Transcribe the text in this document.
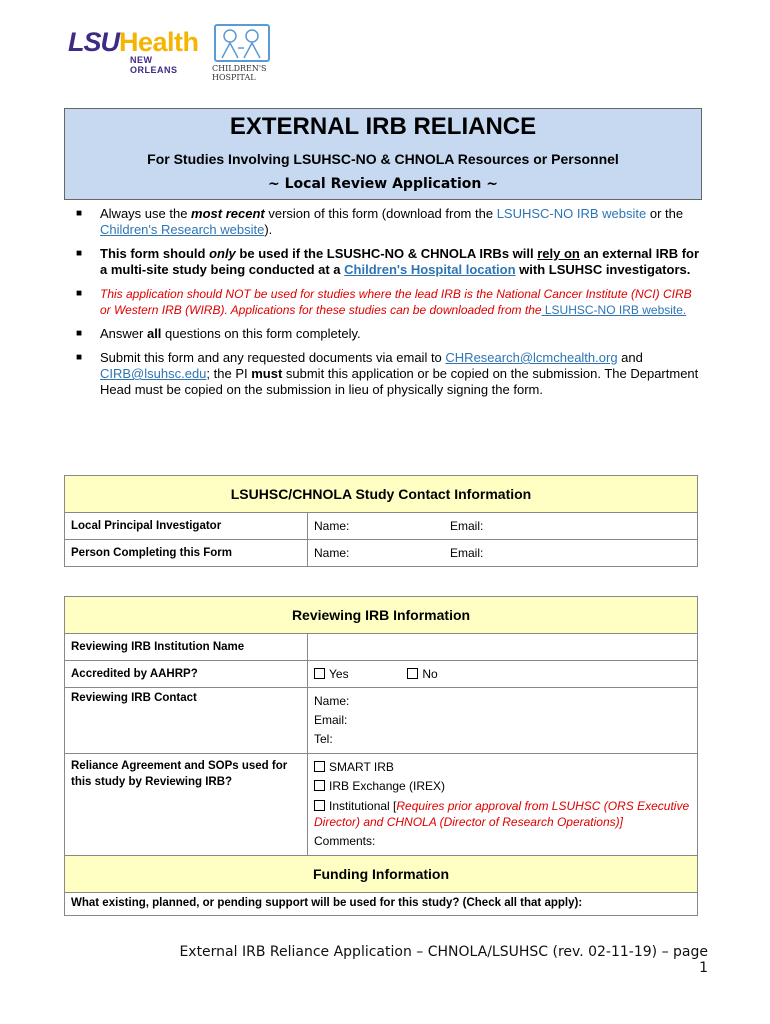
LSUHealth
NEW ORLEANS	CHILDREN'S
HOSPITAL
EXTERNAL IRB RELIANCE
For Studies Involving LSUHSC-NO & CHNOLA Resources or Personnel
~ Local Review Application ~
■ Always use the most recent version of this form (download from the LSUHSC-NO IRB website or the Children's Research website).
■ This form should only be used if the LSUSHC-NO & CHNOLA IRBs will rely on an external IRB for a multi-site study being conducted at a Children's Hospital location with LSUHSC investigators.
■ This application should NOT be used for studies where the lead IRB is the National Cancer Institute (NCI) CIRB or Western IRB (WIRB). Applications for these studies can be downloaded from the LSUHSC-NO IRB website.
■ Answer all questions on this form completely.
■ Submit this form and any requested documents via email to CHResearch@lcmchealth.org and CIRB@lsuhsc.edu; the PI must submit this application or be copied on the submission. The Department Head must be copied on the submission in lieu of physically signing the form.
LSUHSC/CHNOLA Study Contact Information		
Local Principal Investigator	Name:	Email:
Person Completing this Form	Name:	Email:
Reviewing IRB Information	
Reviewing IRB Institution Name	
Accredited by AAHRP?	Yes No
Reviewing IRB Contact	Name:
Email:
Tel:

Reliance Agreement and SOPs used for this study by Reviewing IRB?	SMART IRB
IRB Exchange (IREX)
Institutional [Requires prior approval from LSUHSC (ORS Executive Director) and CHNOLA (Director of Research Operations)]
Comments:

Funding Information	
What existing, planned, or pending support will be used for this study? (Check all that apply):	
External IRB Reliance Application – CHNOLA/LSUHSC (rev. 02-11-19) – page 1
